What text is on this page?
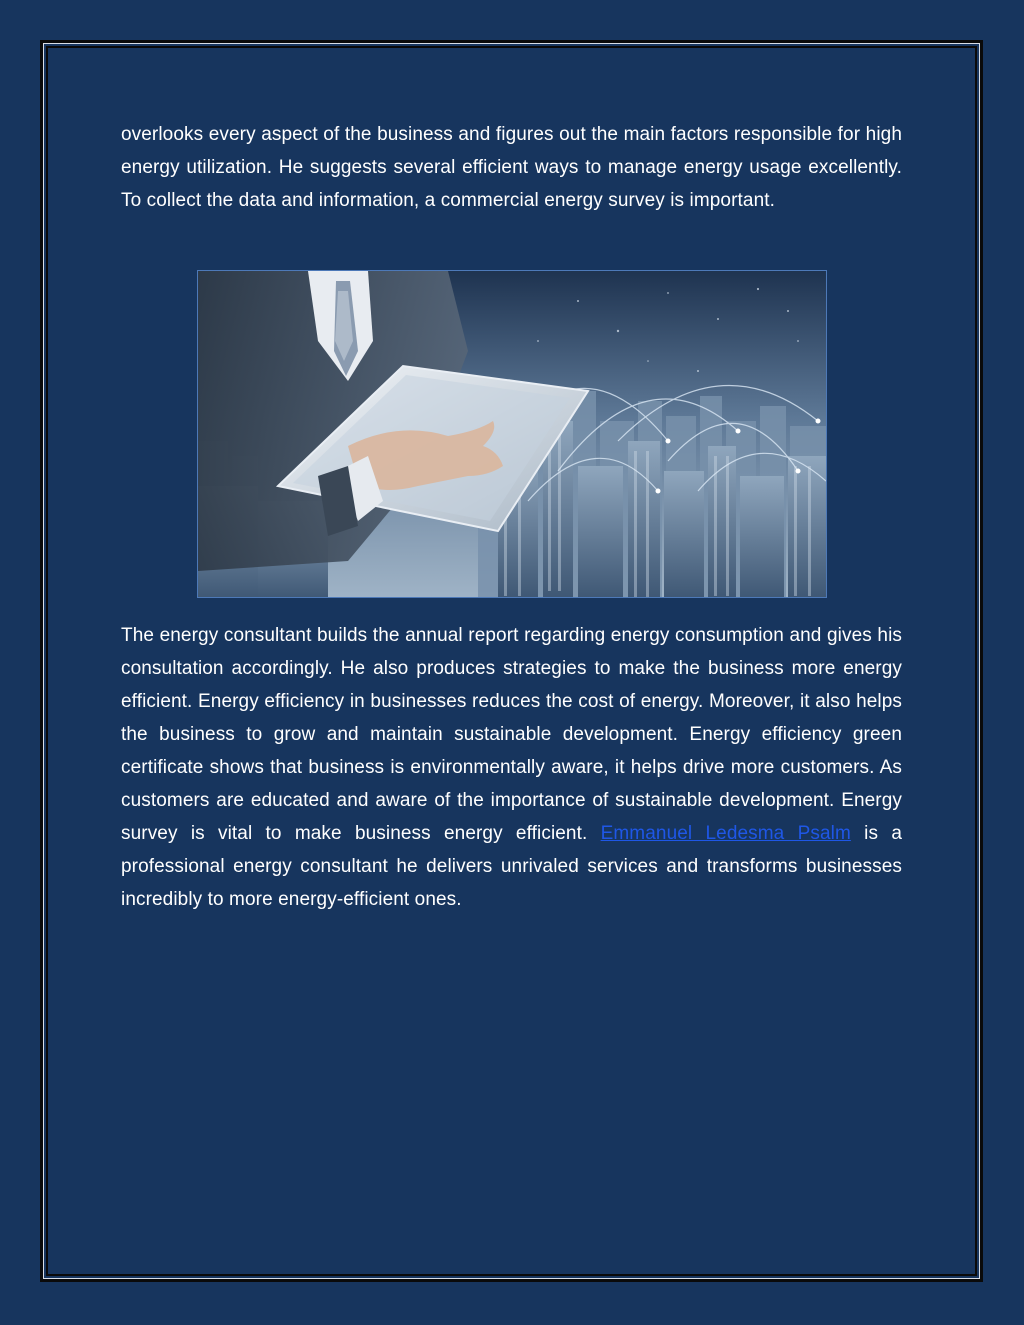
overlooks every aspect of the business and figures out the main factors responsible for high energy utilization. He suggests several efficient ways to manage energy usage excellently. To collect the data and information, a commercial energy survey is important.

The energy consultant builds the annual report regarding energy consumption and gives his consultation accordingly. He also produces strategies to make the business more energy efficient. Energy efficiency in businesses reduces the cost of energy. Moreover, it also helps the business to grow and maintain sustainable development. Energy efficiency green certificate shows that business is environmentally aware, it helps drive more customers. As customers are educated and aware of the importance of sustainable development. Energy survey is vital to make business energy efficient. Emmanuel Ledesma Psalm is a professional energy consultant he delivers unrivaled services and transforms businesses incredibly to more energy-efficient ones.
